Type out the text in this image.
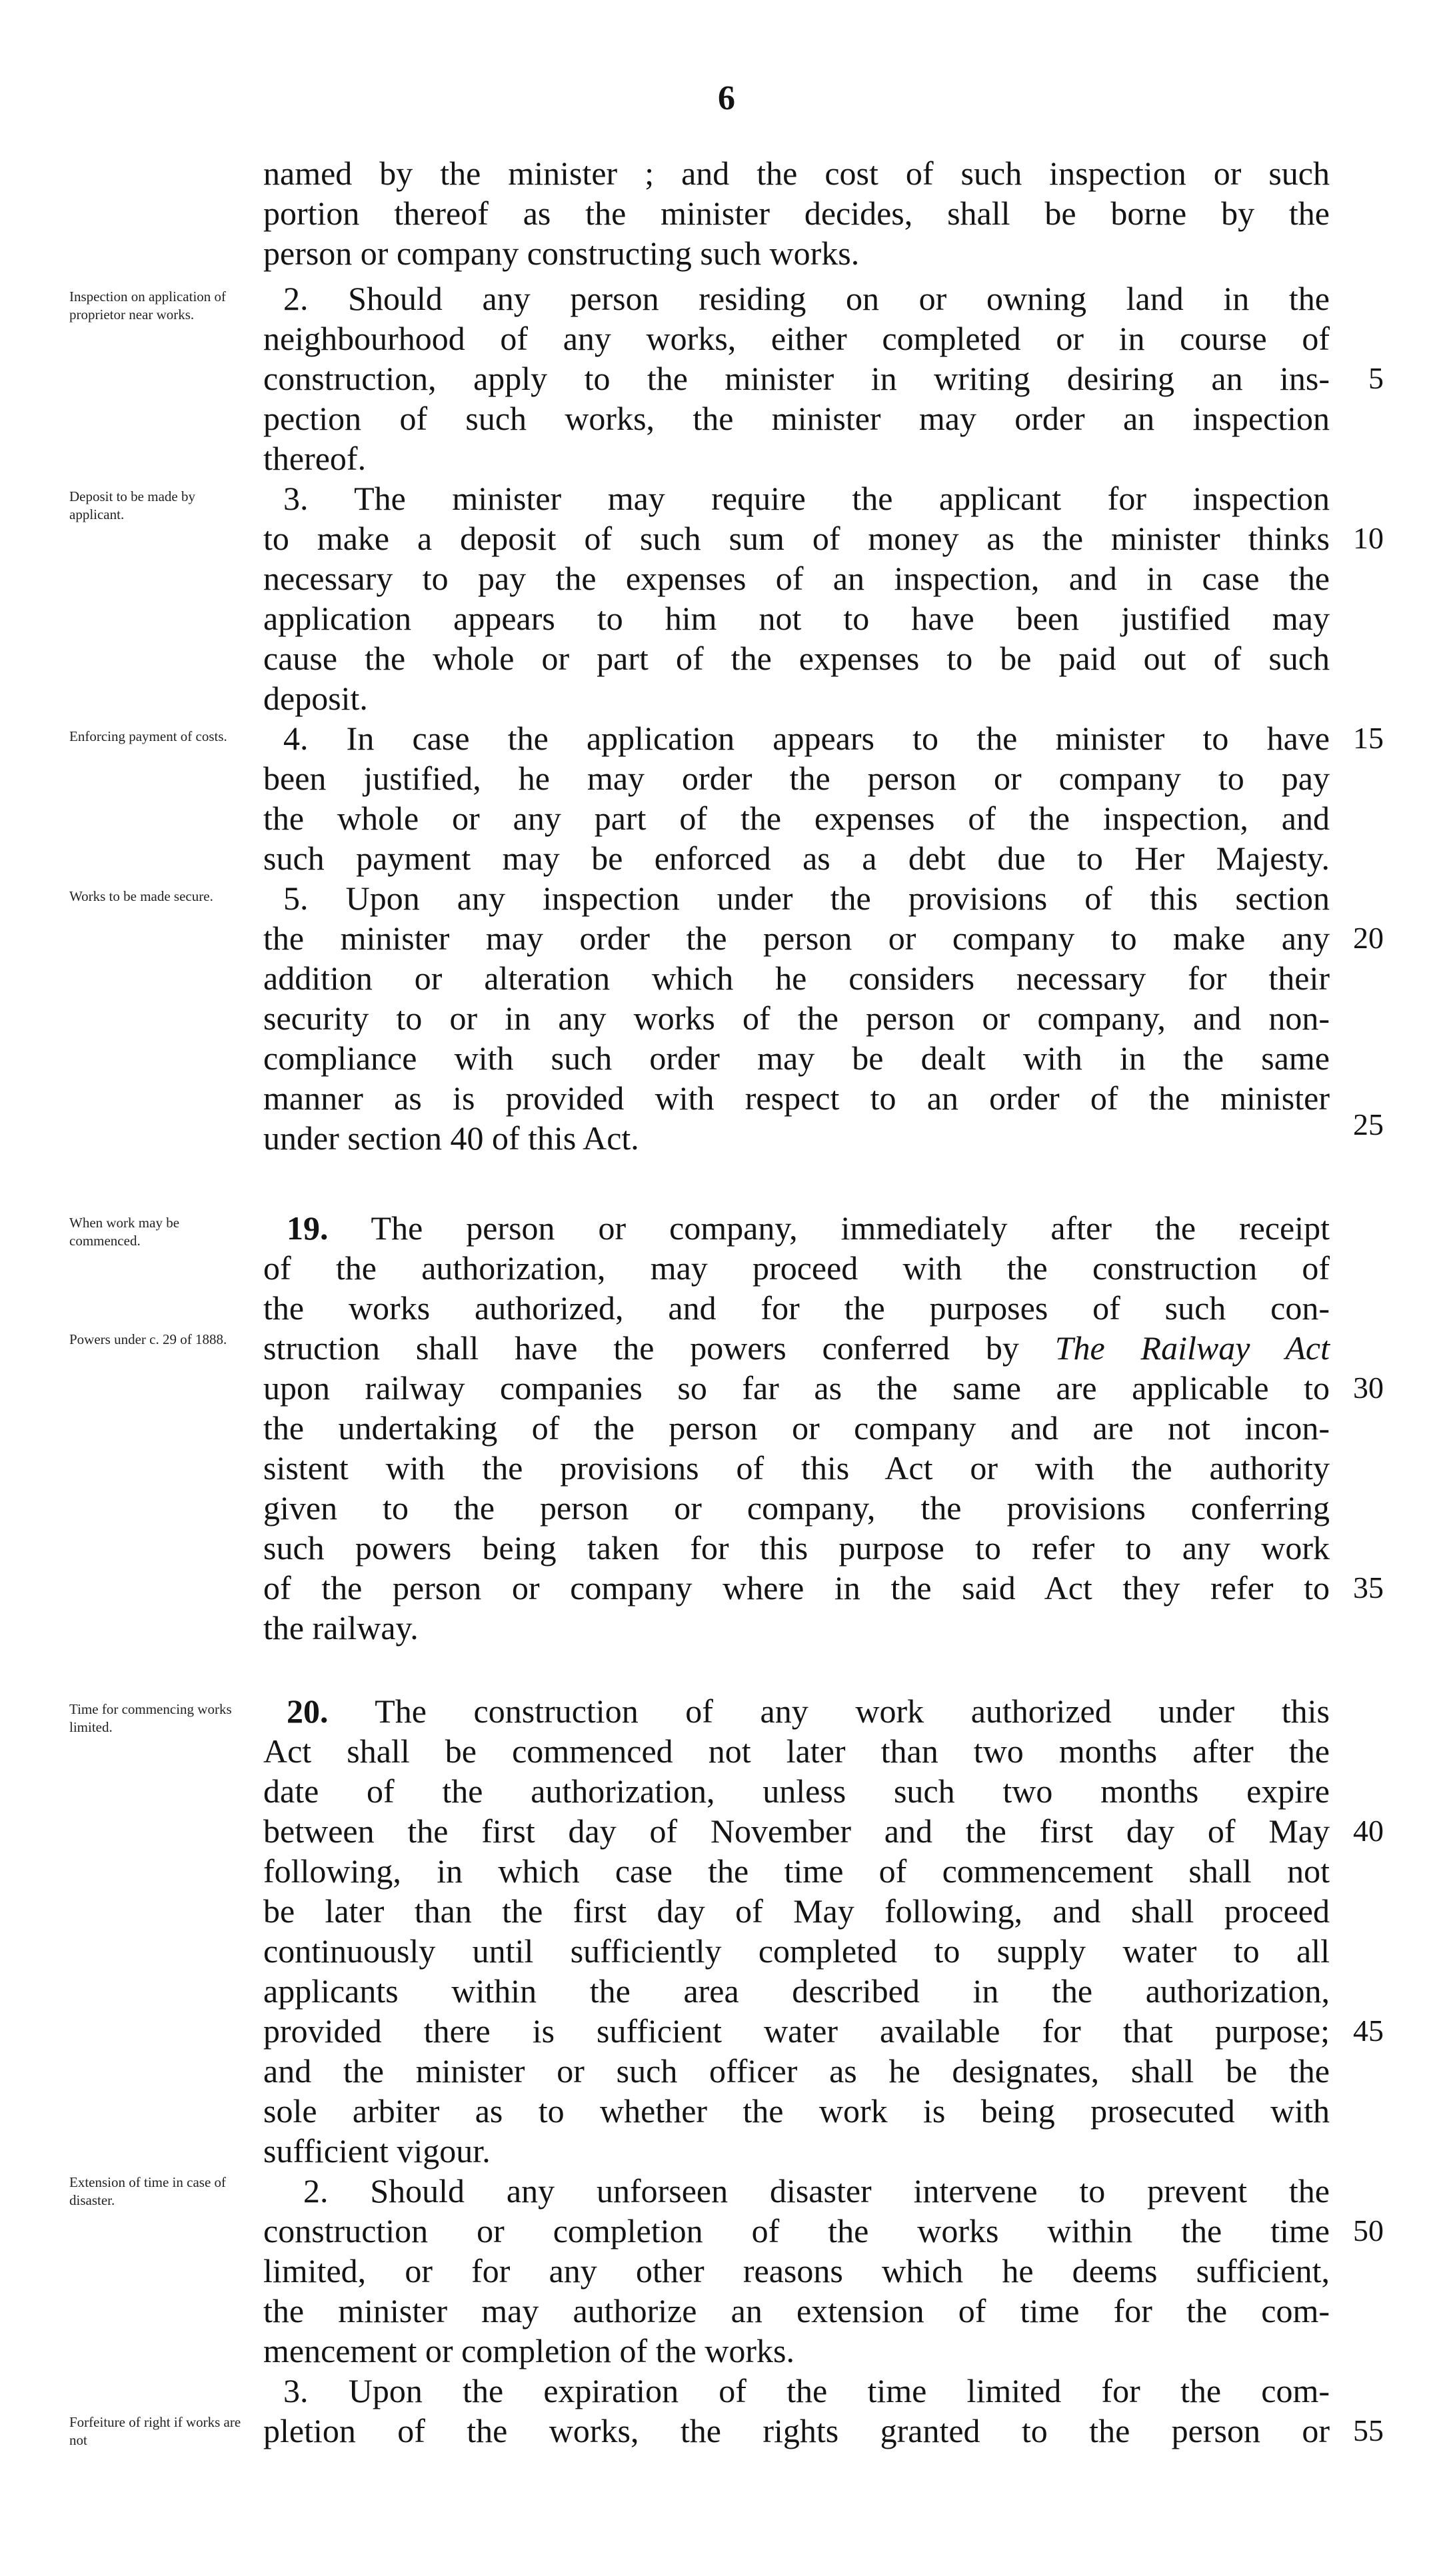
6
Inspection on application of proprietor near works.
Deposit to be made by applicant.
Enforcing payment of costs.
Works to be made secure.
When work may be commenced.
Powers under c. 29 of 1888.
Time for commencing works limited.
Extension of time in case of disaster.
Forfeiture of right if works are not
5
10
15
20
25
30
35
40
45
50
55
named by the minister ; and the cost of such inspection or such
portion thereof as the minister decides, shall be borne by the
person or company constructing such works.
2. Should any person residing on or owning land in the
neighbourhood of any works, either completed or in course of
construction, apply to the minister in writing desiring an ins-
pection of such works, the minister may order an inspection
thereof.
3. The minister may require the applicant for inspection
to make a deposit of such sum of money as the minister thinks
necessary to pay the expenses of an inspection, and in case the
application appears to him not to have been justified may
cause the whole or part of the expenses to be paid out of such
deposit.
4. In case the application appears to the minister to have
been justified, he may order the person or company to pay
the whole or any part of the expenses of the inspection, and
such payment may be enforced as a debt due to Her Majesty.
5. Upon any inspection under the provisions of this section
the minister may order the person or company to make any
addition or alteration which he considers necessary for their
security to or in any works of the person or company, and non-
compliance with such order may be dealt with in the same
manner as is provided with respect to an order of the minister
under section 40 of this Act.
19. The person or company, immediately after the receipt
of the authorization, may proceed with the construction of
the works authorized, and for the purposes of such con-
struction shall have the powers conferred by The Railway Act
upon railway companies so far as the same are applicable to
the undertaking of the person or company and are not incon-
sistent with the provisions of this Act or with the authority
given to the person or company, the provisions conferring
such powers being taken for this purpose to refer to any work
of the person or company where in the said Act they refer to
the railway.
20. The construction of any work authorized under this
Act shall be commenced not later than two months after the
date of the authorization, unless such two months expire
between the first day of November and the first day of May
following, in which case the time of commencement shall not
be later than the first day of May following, and shall proceed
continuously until sufficiently completed to supply water to all
applicants within the area described in the authorization,
provided there is sufficient water available for that purpose;
and the minister or such officer as he designates, shall be the
sole arbiter as to whether the work is being prosecuted with
sufficient vigour.
2. Should any unforseen disaster intervene to prevent the
construction or completion of the works within the time
limited, or for any other reasons which he deems sufficient,
the minister may authorize an extension of time for the com-
mencement or completion of the works.
3. Upon the expiration of the time limited for the com-
pletion of the works, the rights granted to the person or
